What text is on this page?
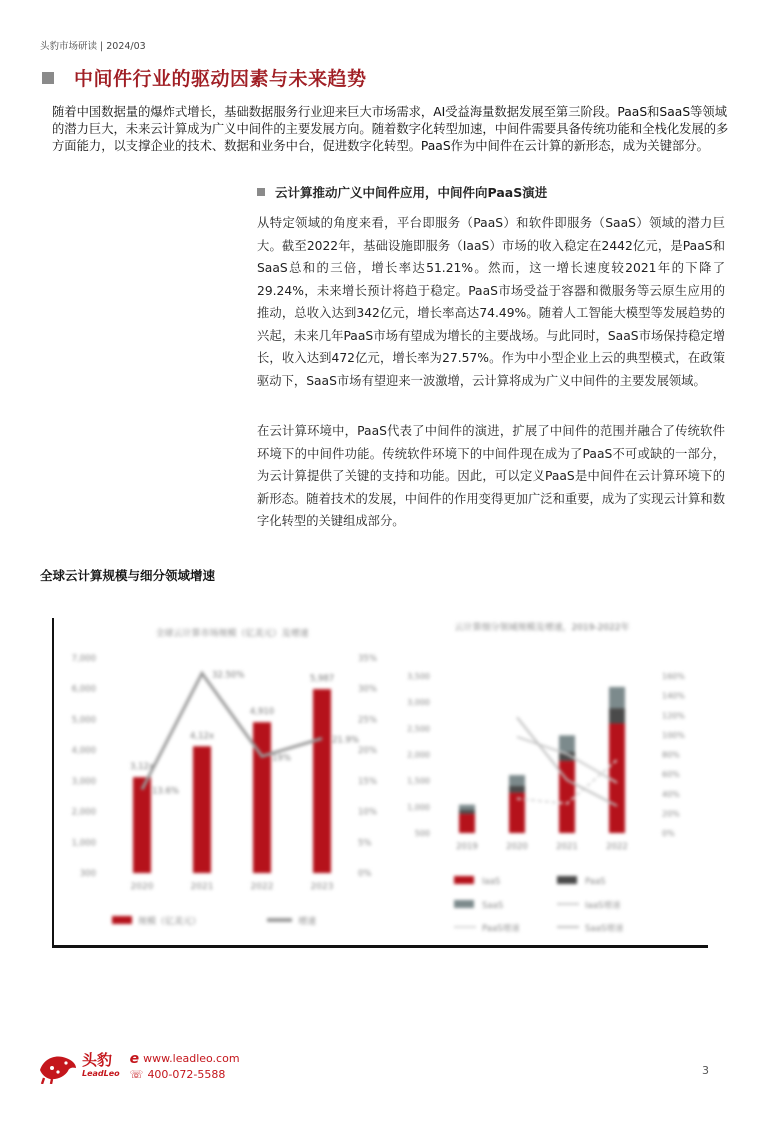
头豹市场研读 | 2024/03
中间件行业的驱动因素与未来趋势
随着中国数据量的爆炸式增长，基础数据服务行业迎来巨大市场需求，AI受益海量数据发展至第三阶段。PaaS和SaaS等领域的潜力巨大，未来云计算成为广义中间件的主要发展方向。随着数字化转型加速，中间件需要具备传统功能和全栈化发展的多方面能力，以支撑企业的技术、数据和业务中台，促进数字化转型。PaaS作为中间件在云计算的新形态，成为关键部分。
云计算推动广义中间件应用，中间件向PaaS演进
从特定领域的角度来看，平台即服务（PaaS）和软件即服务（SaaS）领域的潜力巨大。截至2022年，基础设施即服务（IaaS）市场的收入稳定在2442亿元，是PaaS和SaaS总和的三倍，增长率达51.21%。然而，这一增长速度较2021年的下降了29.24%，未来增长预计将趋于稳定。PaaS市场受益于容器和微服务等云原生应用的推动，总收入达到342亿元，增长率高达74.49%。随着人工智能大模型等发展趋势的兴起，未来几年PaaS市场有望成为增长的主要战场。与此同时，SaaS市场保持稳定增长，收入达到472亿元，增长率为27.57%。作为中小型企业上云的典型模式，在政策驱动下，SaaS市场有望迎来一波激增，云计算将成为广义中间件的主要发展领域。
在云计算环境中，PaaS代表了中间件的演进，扩展了中间件的范围并融合了传统软件环境下的中间件功能。传统软件环境下的中间件现在成为了PaaS不可或缺的一部分，为云计算提供了关键的支持和功能。因此，可以定义PaaS是中间件在云计算环境下的新形态。随着技术的发展，中间件的作用变得更加广泛和重要，成为了实现云计算和数字化转型的关键组成部分。
全球云计算规模与细分领域增速
全球云计算市场规模（亿美元）及增速
300
1,000
2,000
3,000
4,000
5,000
6,000
7,000
0%
5%
10%
15%
20%
25%
30%
35%
2020
3,12x
2021
4,12x
2022
4,910
2023
5,987
13.6%
32.50%
19%
21.9%
规模（亿美元）	增速
云计算细分领域规模及增速，2019-2022年
500
1,000
1,500
2,000
2,500
3,000
3,500
0%
20%
40%
60%
80%
100%
120%
140%
160%
2019	2020	2021	2022
IaaS	PaaS
SaaS	IaaS增速
PaaS增速	SaaS增速
头豹
LeadLeo
e www.leadleo.com
☏ 400-072-5588	3
